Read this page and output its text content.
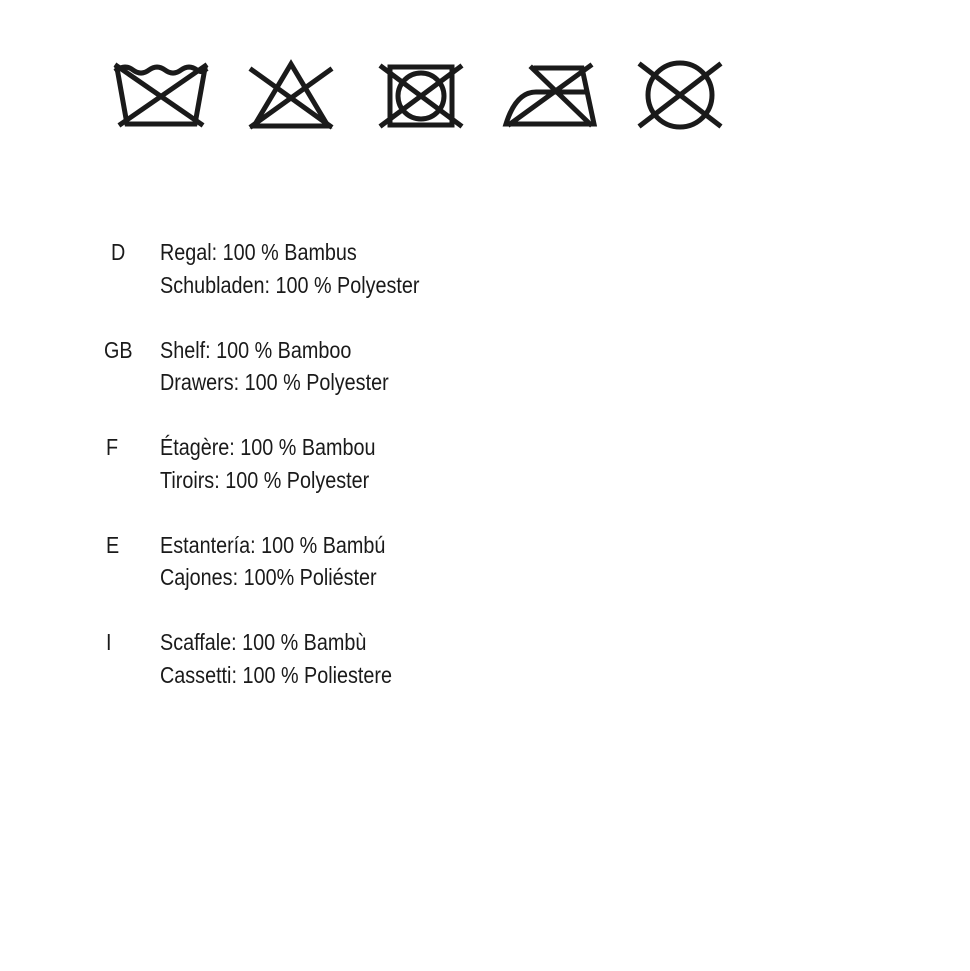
D	Regal: 100 % Bambus
Schubladen: 100 % Polyester
GB	Shelf: 100 % Bamboo
Drawers: 100 % Polyester
F	Étagère: 100 % Bambou
Tiroirs: 100 % Polyester
E	Estantería: 100 % Bambú
Cajones: 100% Poliéster
I	Scaffale: 100 % Bambù
Cassetti: 100 % Poliestere
